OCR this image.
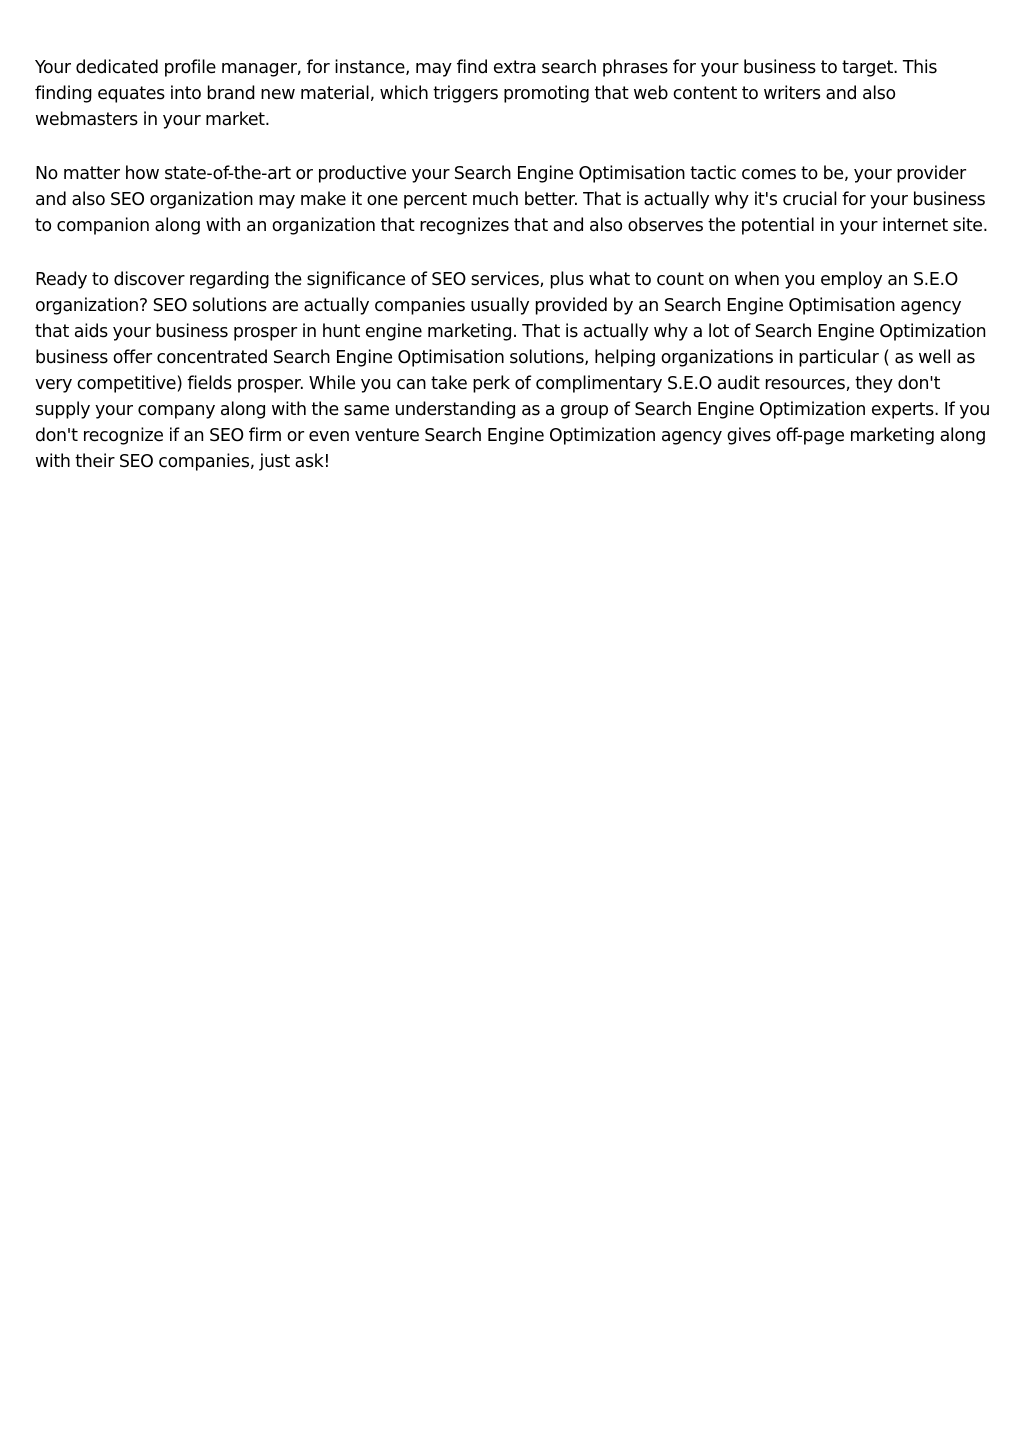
Your dedicated profile manager, for instance, may find extra search phrases for your business to target. This finding equates into brand new material, which triggers promoting that web content to writers and also webmasters in your market.

No matter how state-of-the-art or productive your Search Engine Optimisation tactic comes to be, your provider and also SEO organization may make it one percent much better. That is actually why it's crucial for your business to companion along with an organization that recognizes that and also observes the potential in your internet site.

Ready to discover regarding the significance of SEO services, plus what to count on when you employ an S.E.O organization? SEO solutions are actually companies usually provided by an Search Engine Optimisation agency that aids your business prosper in hunt engine marketing. That is actually why a lot of Search Engine Optimization business offer concentrated Search Engine Optimisation solutions, helping organizations in particular ( as well as very competitive) fields prosper. While you can take perk of complimentary S.E.O audit resources, they don't supply your company along with the same understanding as a group of Search Engine Optimization experts. If you don't recognize if an SEO firm or even venture Search Engine Optimization agency gives off-page marketing along with their SEO companies, just ask!
